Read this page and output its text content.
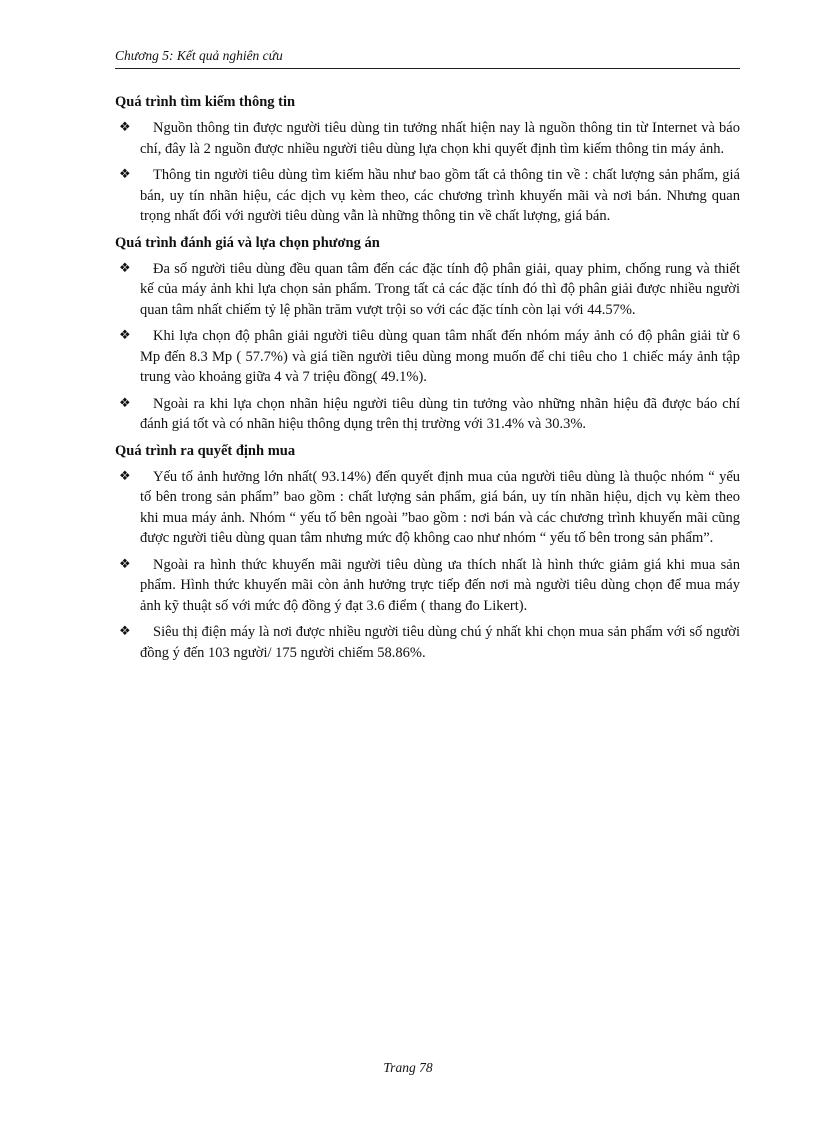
Chương 5: Kết quả nghiên cứu
Quá trình tìm kiếm thông tin
❖	Nguồn thông tin được người tiêu dùng tin tưởng nhất hiện nay là nguồn thông tin từ Internet và báo chí, đây là 2 nguồn được nhiều người tiêu dùng lựa chọn khi quyết định tìm kiếm thông tin máy ảnh.
❖	Thông tin người tiêu dùng tìm kiếm hầu như bao gồm tất cả thông tin về : chất lượng sản phẩm, giá bán, uy tín nhãn hiệu, các dịch vụ kèm theo, các chương trình khuyến mãi và nơi bán. Nhưng quan trọng nhất đối với người tiêu dùng vẫn là những thông tin về chất lượng, giá bán.
Quá trình đánh giá và lựa chọn phương án
❖	Đa số người tiêu dùng đều quan tâm đến các đặc tính độ phân giải, quay phim, chống rung và thiết kế của máy ảnh khi lựa chọn sản phẩm. Trong tất cả các đặc tính đó thì độ phân giải được nhiều người quan tâm nhất chiếm tỷ lệ phần trăm vượt trội so với các đặc tính còn lại với 44.57%.
❖	Khi lựa chọn độ phân giải người tiêu dùng quan tâm nhất đến nhóm máy ảnh có độ phân giải từ 6 Mp đến 8.3 Mp ( 57.7%) và giá tiền người tiêu dùng mong muốn để chi tiêu cho 1 chiếc máy ảnh tập trung vào khoảng giữa 4 và 7 triệu đồng( 49.1%).
❖	Ngoài ra khi lựa chọn nhãn hiệu người tiêu dùng tin tưởng vào những nhãn hiệu đã được báo chí đánh giá tốt và có nhãn hiệu thông dụng trên thị trường với 31.4% và 30.3%.
Quá trình ra quyết định mua
❖	Yếu tố ảnh hưởng lớn nhất( 93.14%) đến quyết định mua của người tiêu dùng là thuộc nhóm “ yếu tố bên trong sản phẩm” bao gồm : chất lượng sản phẩm, giá bán, uy tín nhãn hiệu, dịch vụ kèm theo khi mua máy ảnh. Nhóm “ yếu tố bên ngoài ”bao gồm : nơi bán và các chương trình khuyến mãi cũng được người tiêu dùng quan tâm nhưng mức độ không cao như nhóm “ yếu tố bên trong sản phẩm”.
❖	Ngoài ra hình thức khuyến mãi người tiêu dùng ưa thích nhất là hình thức giảm giá khi mua sản phẩm. Hình thức khuyến mãi còn ảnh hưởng trực tiếp đến nơi mà người tiêu dùng chọn để mua máy ảnh kỹ thuật số với mức độ đồng ý đạt 3.6 điểm ( thang đo Likert).
❖	Siêu thị điện máy là nơi được nhiều người tiêu dùng chú ý nhất khi chọn mua sản phẩm với số người đồng ý đến 103 người/ 175 người chiếm 58.86%.
Trang 78
